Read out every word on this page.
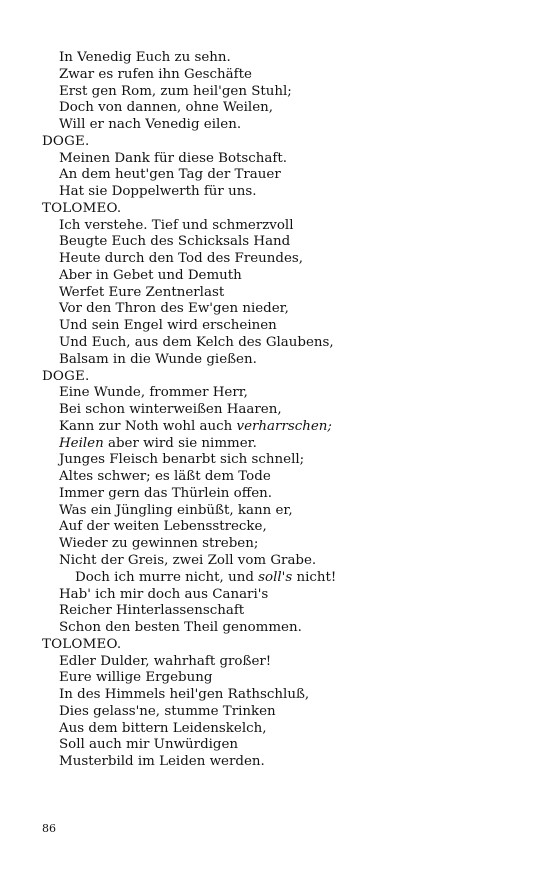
In Venedig Euch zu sehn.
Zwar es rufen ihn Geschäfte
Erst gen Rom, zum heil'gen Stuhl;
Doch von dannen, ohne Weilen,
Will er nach Venedig eilen.
DOGE.
Meinen Dank für diese Botschaft.
An dem heut'gen Tag der Trauer
Hat sie Doppelwerth für uns.
TOLOMEO.
Ich verstehe. Tief und schmerzvoll
Beugte Euch des Schicksals Hand
Heute durch den Tod des Freundes,
Aber in Gebet und Demuth
Werfet Eure Zentnerlast
Vor den Thron des Ew'gen nieder,
Und sein Engel wird erscheinen
Und Euch, aus dem Kelch des Glaubens,
Balsam in die Wunde gießen.
DOGE.
Eine Wunde, frommer Herr,
Bei schon winterweißen Haaren,
Kann zur Noth wohl auch verharrschen;
Heilen aber wird sie nimmer.
Junges Fleisch benarbt sich schnell;
Altes schwer; es läßt dem Tode
Immer gern das Thürlein offen.
Was ein Jüngling einbüßt, kann er,
Auf der weiten Lebensstrecke,
Wieder zu gewinnen streben;
Nicht der Greis, zwei Zoll vom Grabe.
Doch ich murre nicht, und soll's nicht!
Hab' ich mir doch aus Canari's
Reicher Hinterlassenschaft
Schon den besten Theil genommen.
TOLOMEO.
Edler Dulder, wahrhaft großer!
Eure willige Ergebung
In des Himmels heil'gen Rathschluß,
Dies gelass'ne, stumme Trinken
Aus dem bittern Leidenskelch,
Soll auch mir Unwürdigen
Musterbild im Leiden werden.
86
